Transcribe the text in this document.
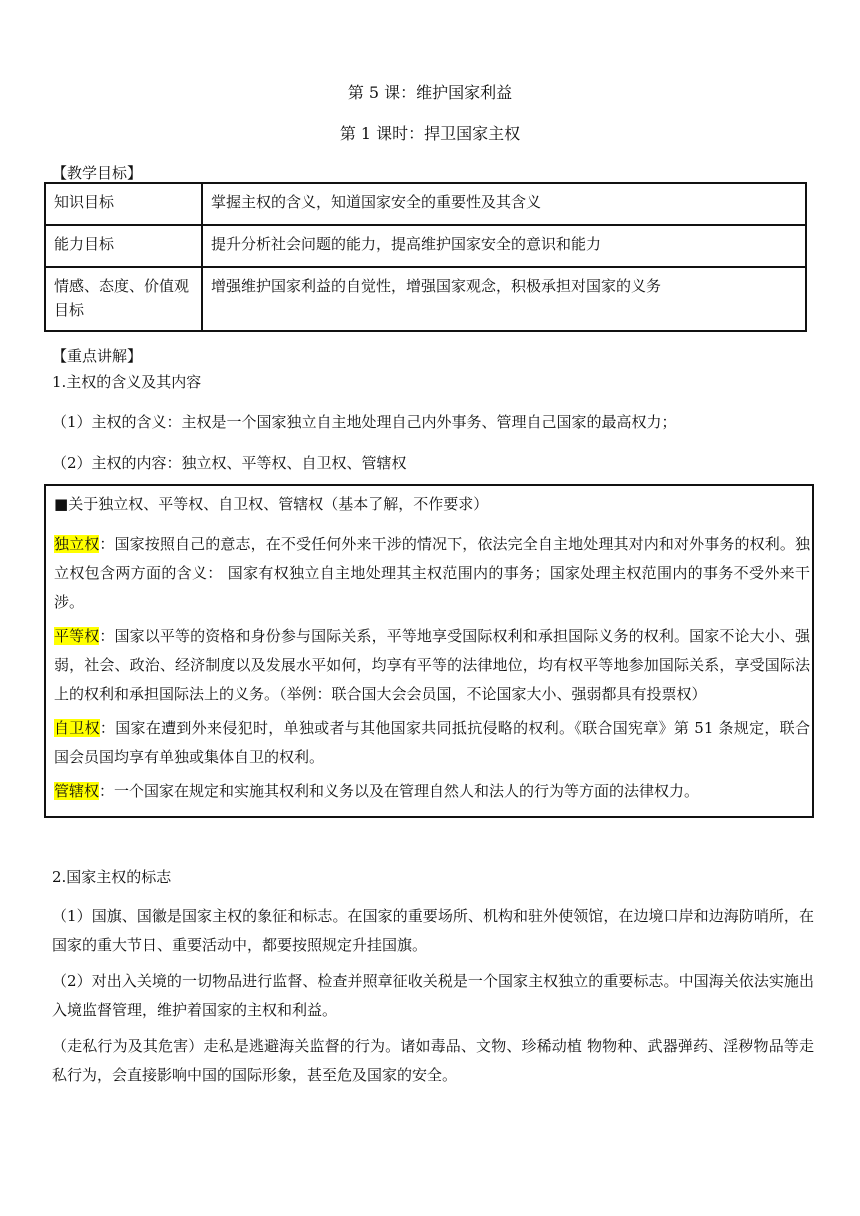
第 5 课：维护国家利益
第 1 课时：捍卫国家主权
【教学目标】
知识目标	掌握主权的含义，知道国家安全的重要性及其含义
能力目标	提升分析社会问题的能力，提高维护国家安全的意识和能力
情感、态度、价值观目标	增强维护国家利益的自觉性，增强国家观念，积极承担对国家的义务
【重点讲解】
1.主权的含义及其内容
（1）主权的含义：主权是一个国家独立自主地处理自己内外事务、管理自己国家的最高权力；
（2）主权的内容：独立权、平等权、自卫权、管辖权
■关于独立权、平等权、自卫权、管辖权（基本了解，不作要求）
独立权：国家按照自己的意志，在不受任何外来干涉的情况下，依法完全自主地处理其对内和对外事务的权利。独立权包含两方面的含义： 国家有权独立自主地处理其主权范围内的事务；国家处理主权范围内的事务不受外来干涉。
平等权：国家以平等的资格和身份参与国际关系，平等地享受国际权利和承担国际义务的权利。国家不论大小、强弱，社会、政治、经济制度以及发展水平如何，均享有平等的法律地位，均有权平等地参加国际关系，享受国际法上的权利和承担国际法上的义务。（举例：联合国大会会员国，不论国家大小、强弱都具有投票权）
自卫权：国家在遭到外来侵犯时，单独或者与其他国家共同抵抗侵略的权利。《联合国宪章》第 51 条规定，联合国会员国均享有单独或集体自卫的权利。
管辖权：一个国家在规定和实施其权利和义务以及在管理自然人和法人的行为等方面的法律权力。
2.国家主权的标志
（1）国旗、国徽是国家主权的象征和标志。在国家的重要场所、机构和驻外使领馆，在边境口岸和边海防哨所，在国家的重大节日、重要活动中，都要按照规定升挂国旗。
（2）对出入关境的一切物品进行监督、检查并照章征收关税是一个国家主权独立的重要标志。中国海关依法实施出入境监督管理，维护着国家的主权和利益。
（走私行为及其危害）走私是逃避海关监督的行为。诸如毒品、文物、珍稀动植 物物种、武器弹药、淫秽物品等走私行为，会直接影响中国的国际形象，甚至危及国家的安全。
